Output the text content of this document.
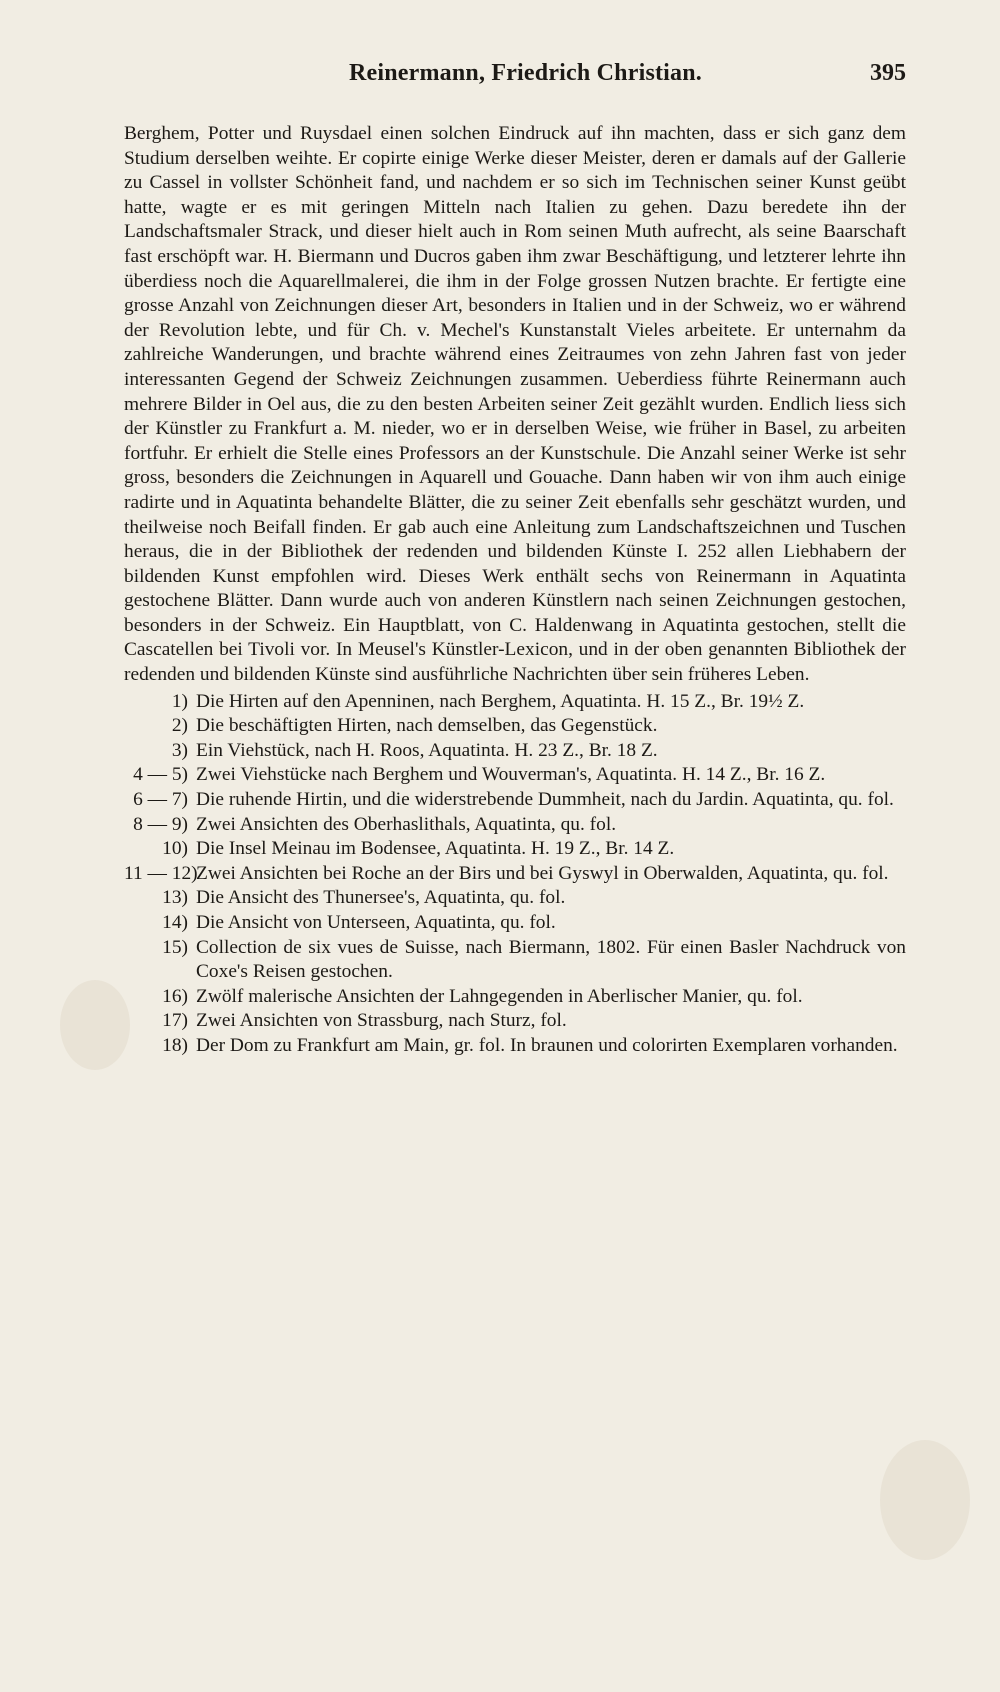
Reinermann, Friedrich Christian.	395

Berghem, Potter und Ruysdael einen solchen Eindruck auf ihn machten, dass er sich ganz dem Studium derselben weihte. Er copirte einige Werke dieser Meister, deren er damals auf der Gallerie zu Cassel in vollster Schönheit fand, und nachdem er so sich im Technischen seiner Kunst geübt hatte, wagte er es mit geringen Mitteln nach Italien zu gehen. Dazu beredete ihn der Landschaftsmaler Strack, und dieser hielt auch in Rom seinen Muth aufrecht, als seine Baarschaft fast erschöpft war. H. Biermann und Ducros gaben ihm zwar Beschäftigung, und letzterer lehrte ihn überdiess noch die Aquarellmalerei, die ihm in der Folge grossen Nutzen brachte. Er fertigte eine grosse Anzahl von Zeichnungen dieser Art, besonders in Italien und in der Schweiz, wo er während der Revolution lebte, und für Ch. v. Mechel's Kunstanstalt Vieles arbeitete. Er unternahm da zahlreiche Wanderungen, und brachte während eines Zeitraumes von zehn Jahren fast von jeder interessanten Gegend der Schweiz Zeichnungen zusammen. Ueberdiess führte Reinermann auch mehrere Bilder in Oel aus, die zu den besten Arbeiten seiner Zeit gezählt wurden. Endlich liess sich der Künstler zu Frankfurt a. M. nieder, wo er in derselben Weise, wie früher in Basel, zu arbeiten fortfuhr. Er erhielt die Stelle eines Professors an der Kunstschule. Die Anzahl seiner Werke ist sehr gross, besonders die Zeichnungen in Aquarell und Gouache. Dann haben wir von ihm auch einige radirte und in Aquatinta behandelte Blätter, die zu seiner Zeit ebenfalls sehr geschätzt wurden, und theilweise noch Beifall finden. Er gab auch eine Anleitung zum Landschaftszeichnen und Tuschen heraus, die in der Bibliothek der redenden und bildenden Künste I. 252 allen Liebhabern der bildenden Kunst empfohlen wird. Dieses Werk enthält sechs von Reinermann in Aquatinta gestochene Blätter. Dann wurde auch von anderen Künstlern nach seinen Zeichnungen gestochen, besonders in der Schweiz. Ein Hauptblatt, von C. Haldenwang in Aquatinta gestochen, stellt die Cascatellen bei Tivoli vor. In Meusel's Künstler-Lexicon, und in der oben genannten Bibliothek der redenden und bildenden Künste sind ausführliche Nachrichten über sein früheres Leben.

1) Die Hirten auf den Apenninen, nach Berghem, Aquatinta. H. 15 Z., Br. 19½ Z.
2) Die beschäftigten Hirten, nach demselben, das Gegenstück.
3) Ein Viehstück, nach H. Roos, Aquatinta. H. 23 Z., Br. 18 Z.
4 — 5) Zwei Viehstücke nach Berghem und Wouverman's, Aquatinta. H. 14 Z., Br. 16 Z.
6 — 7) Die ruhende Hirtin, und die widerstrebende Dummheit, nach du Jardin. Aquatinta, qu. fol.
8 — 9) Zwei Ansichten des Oberhaslithals, Aquatinta, qu. fol.
10) Die Insel Meinau im Bodensee, Aquatinta. H. 19 Z., Br. 14 Z.
11 — 12)
Zwei Ansichten bei Roche an der Birs und bei Gyswyl in Oberwalden, Aquatinta, qu. fol.
13) Die Ansicht des Thunersee's, Aquatinta, qu. fol.
14) Die Ansicht von Unterseen, Aquatinta, qu. fol.
15) Collection de six vues de Suisse, nach Biermann, 1802. Für einen Basler Nachdruck von Coxe's Reisen gestochen.
16) Zwölf malerische Ansichten der Lahngegenden in Aberlischer Manier, qu. fol.
17) Zwei Ansichten von Strassburg, nach Sturz, fol.
18) Der Dom zu Frankfurt am Main, gr. fol. In braunen und colorirten Exemplaren vorhanden.
